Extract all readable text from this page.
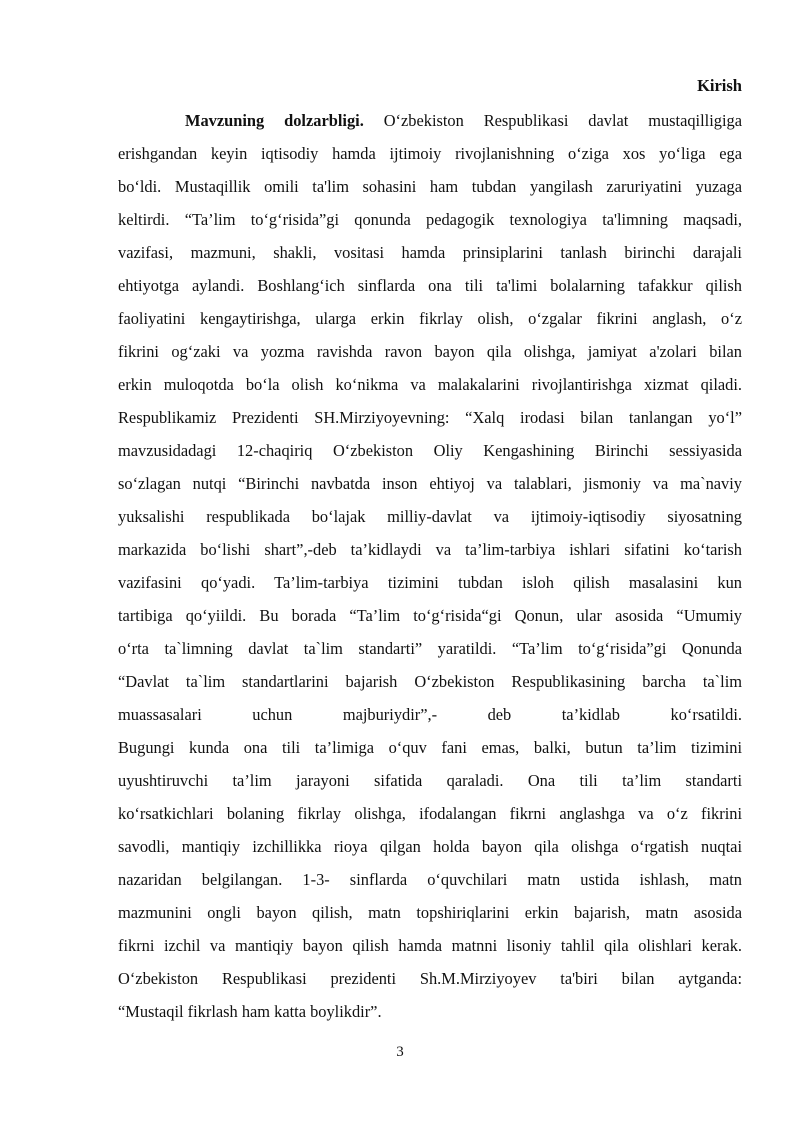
Kirish
Mavzuning dolzarbligi. O‘zbekiston Respublikasi davlat mustaqilligiga
erishgandan keyin iqtisodiy hamda ijtimoiy rivojlanishning o‘ziga xos yo‘liga ega
bo‘ldi. Mustaqillik omili ta'lim sohasini ham tubdan yangilash zaruriyatini yuzaga
keltirdi. “Ta’lim to‘g‘risida”gi qonunda pedagogik texnologiya ta'limning maqsadi,
vazifasi, mazmuni, shakli, vositasi hamda prinsiplarini tanlash birinchi darajali
ehtiyotga aylandi. Boshlang‘ich sinflarda ona tili ta'limi bolalarning tafakkur qilish
faoliyatini kengaytirishga, ularga erkin fikrlay olish, o‘zgalar fikrini anglash, o‘z
fikrini og‘zaki va yozma ravishda ravon bayon qila olishga, jamiyat a'zolari bilan
erkin muloqotda bo‘la olish ko‘nikma va malakalarini rivojlantirishga xizmat qiladi.
Respublikamiz Prezidenti SH.Mirziyoyevning: “Xalq irodasi bilan tanlangan yo‘l”
mavzusidadagi 12-chaqiriq O‘zbekiston Oliy Kengashining Birinchi sessiyasida
so‘zlagan nutqi “Birinchi navbatda inson ehtiyoj va talablari, jismoniy va ma`naviy
yuksalishi respublikada bo‘lajak milliy-davlat va ijtimoiy-iqtisodiy siyosatning
markazida bo‘lishi shart”,-deb ta’kidlaydi va ta’lim-tarbiya ishlari sifatini ko‘tarish
vazifasini qo‘yadi. Ta’lim-tarbiya tizimini tubdan isloh qilish masalasini kun
tartibiga qo‘yiildi. Bu borada “Ta’lim to‘g‘risida“gi Qonun, ular asosida “Umumiy
o‘rta ta`limning davlat ta`lim standarti” yaratildi. “Ta’lim to‘g‘risida”gi Qonunda
“Davlat ta`lim standartlarini bajarish O‘zbekiston Respublikasining barcha ta`lim
muassasalari uchun majburiydir”,- deb ta’kidlab ko‘rsatildi.
Bugungi kunda ona tili ta’limiga o‘quv fani emas, balki, butun ta’lim tizimini
uyushtiruvchi ta’lim jarayoni sifatida qaraladi. Ona tili ta’lim standarti
ko‘rsatkichlari bolaning fikrlay olishga, ifodalangan fikrni anglashga va o‘z fikrini
savodli, mantiqiy izchillikka rioya qilgan holda bayon qila olishga o‘rgatish nuqtai
nazaridan belgilangan. 1-3- sinflarda o‘quvchilari matn ustida ishlash, matn
mazmunini ongli bayon qilish, matn topshiriqlarini erkin bajarish, matn asosida
fikrni izchil va mantiqiy bayon qilish hamda matnni lisoniy tahlil qila olishlari kerak.
O‘zbekiston Respublikasi prezidenti Sh.M.Mirziyoyev ta'biri bilan aytganda:
“Mustaqil fikrlash ham katta boylikdir”.
3
